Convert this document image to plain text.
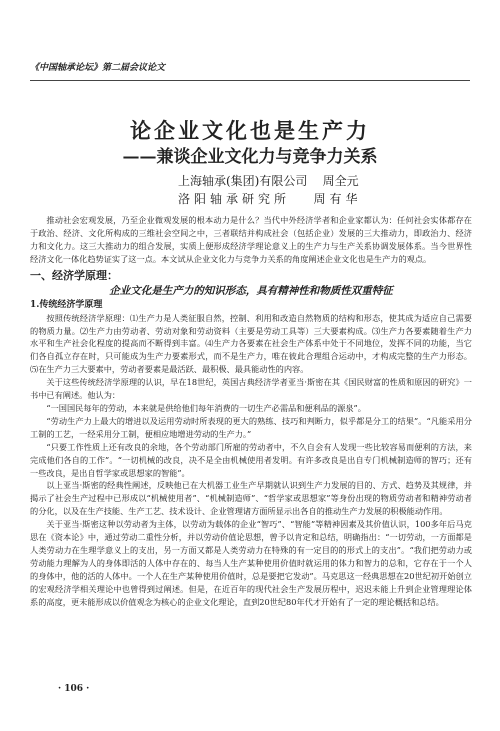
《中国轴承论坛》第二届会议论文
论企业文化也是生产力
——兼谈企业文化力与竞争力关系
上海轴承(集团)有限公司 周全元
洛阳轴承研究所 周有华

推动社会宏观发展，乃至企业微观发展的根本动力是什么？当代中外经济学者和企业家都认为：任何社会实体都存在于政治、经济、文化所构成的三维社会空间之中，三者联结并构成社会（包括企业）发展的三大推动力，即政治力、经济力和文化力。这三大推动力的组合发展，实质上便形成经济学理论意义上的生产力与生产关系协调发展体系。当今世界性经济文化一体化趋势证实了这一点。本文试从企业文化力与竞争力关系的角度阐述企业文化也是生产力的观点。

一、经济学原理：
企业文化是生产力的知识形态，具有精神性和物质性双重特征
1.传统经济学原理

按照传统经济学原理：⑴生产力是人类征服自然，控制、利用和改造自然物质的结构和形态，使其成为适应自己需要的物质力量。⑵生产力由劳动者、劳动对象和劳动资料（主要是劳动工具等）三大要素构成。⑶生产力各要素随着生产力水平和生产社会化程度的提高而不断得到丰富。⑷生产力各要素在社会生产体系中处于不同地位，发挥不同的功能，当它们各自孤立存在时，只可能成为生产力要素形式，而不是生产力，唯在彼此合理组合运动中，才构成完整的生产力形态。⑸在生产力三大要素中，劳动者要素是最活跃、最积极、最具能动性的内容。

关于这些传统经济学原理的认识，早在18世纪，英国古典经济学者亚当·斯密在其《国民财富的性质和原因的研究》一书中已有阐述。他认为：

“一国国民每年的劳动，本来就是供给他们每年消费的一切生产必需品和便利品的源泉”。

“劳动生产力上最大的增进以及运用劳动时所表现的更大的熟练、技巧和判断力，似乎都是分工的结果”。“凡能采用分工制的工艺，一经采用分工制，便相应地增进劳动的生产力。”

“只要工作性质上还有改良的余地，各个劳动部门所雇的劳动者中，不久自会有人发现一些比较容易而便利的方法，来完成他们各自的工作”。“一切机械的改良，决不是全由机械使用者发明。有许多改良是出自专门机械制造师的智巧；还有一些改良，是出自哲学家或思想家的智能”。

以上亚当·斯密的经典性阐述，反映他已在大机器工业生产早期就认识到生产力发展的目的、方式、趋势及其规律，并揭示了社会生产过程中已形成以“机械使用者”、“机械制造师”、“哲学家或思想家”等身份出现的物质劳动者和精神劳动者的分化，以及在生产技能、生产工艺、技术设计、企业管理诸方面所显示出各自的推动生产力发展的积极能动作用。

关于亚当·斯密这种以劳动者为主体，以劳动为载体的企业“智巧”、“智能”等精神因素及其价值认识，100多年后马克思在《资本论》中，通过劳动二重性分析，并以劳动价值论思想，曾予以肯定和总结，明确指出：“一切劳动，一方面都是人类劳动力在生理学意义上的支出，另一方面又都是人类劳动力在特殊的有一定目的的形式上的支出”。“我们把劳动力或劳动能力理解为人的身体即活的人体中存在的、每当人生产某种使用价值时就运用的体力和智力的总和，它存在于一个人的身体中，他的活的人体中。一个人在生产某种使用价值时，总是要把它发动”。马克思这一经典思想在20世纪初开始创立的宏观经济学相关理论中也曾得到过阐述。但是，在近百年的现代社会生产发展历程中，迟迟未能上升到企业管理理论体系的高度，更未能形成以价值观念为核心的企业文化理论，直到20世纪80年代才开始有了一定的理论概括和总结。

· 106 ·
